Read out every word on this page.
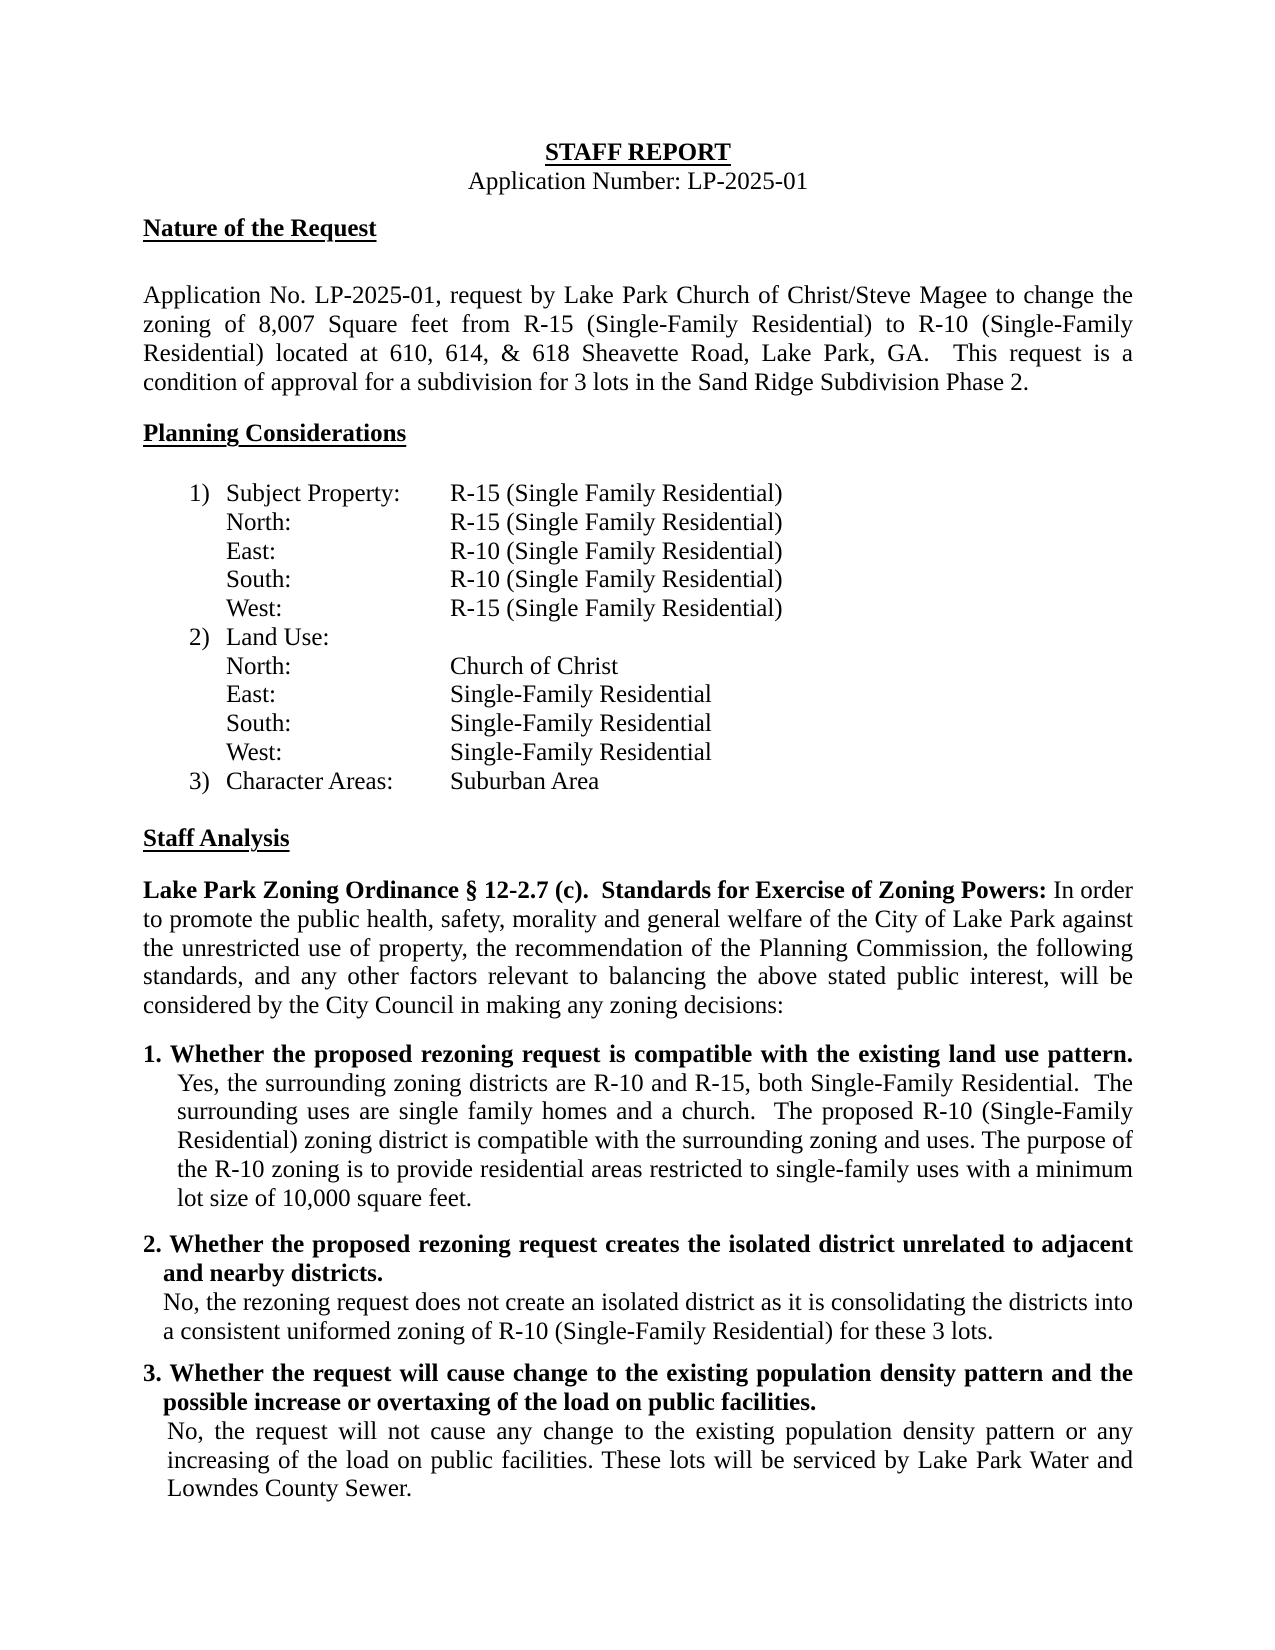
STAFF REPORT
Application Number: LP-2025-01
Nature of the Request
Application No. LP-2025-01, request by Lake Park Church of Christ/Steve Magee to change the zoning of 8,007 Square feet from R-15 (Single-Family Residential) to R-10 (Single-Family Residential) located at 610, 614, & 618 Sheavette Road, Lake Park, GA.  This request is a condition of approval for a subdivision for 3 lots in the Sand Ridge Subdivision Phase 2.
Planning Considerations
1) Subject Property: R-15 (Single Family Residential)
North:	R-15 (Single Family Residential)
East:	R-10 (Single Family Residential)
South:	R-10 (Single Family Residential)
West:	R-15 (Single Family Residential)
2) Land Use:
North:	Church of Christ
East:	Single-Family Residential
South:	Single-Family Residential
West:	Single-Family Residential
3) Character Areas: Suburban Area
Staff Analysis
Lake Park Zoning Ordinance § 12-2.7 (c).  Standards for Exercise of Zoning Powers: In order to promote the public health, safety, morality and general welfare of the City of Lake Park against the unrestricted use of property, the recommendation of the Planning Commission, the following standards, and any other factors relevant to balancing the above stated public interest, will be considered by the City Council in making any zoning decisions:
1. Whether the proposed rezoning request is compatible with the existing land use pattern.
Yes, the surrounding zoning districts are R-10 and R-15, both Single-Family Residential.  The surrounding uses are single family homes and a church.  The proposed R-10 (Single-Family Residential) zoning district is compatible with the surrounding zoning and uses. The purpose of the R-10 zoning is to provide residential areas restricted to single-family uses with a minimum lot size of 10,000 square feet.
2. Whether the proposed rezoning request creates the isolated district unrelated to adjacent and nearby districts.
No, the rezoning request does not create an isolated district as it is consolidating the districts into a consistent uniformed zoning of R-10 (Single-Family Residential) for these 3 lots.
3. Whether the request will cause change to the existing population density pattern and the possible increase or overtaxing of the load on public facilities.
No, the request will not cause any change to the existing population density pattern or any increasing of the load on public facilities. These lots will be serviced by Lake Park Water and Lowndes County Sewer.
